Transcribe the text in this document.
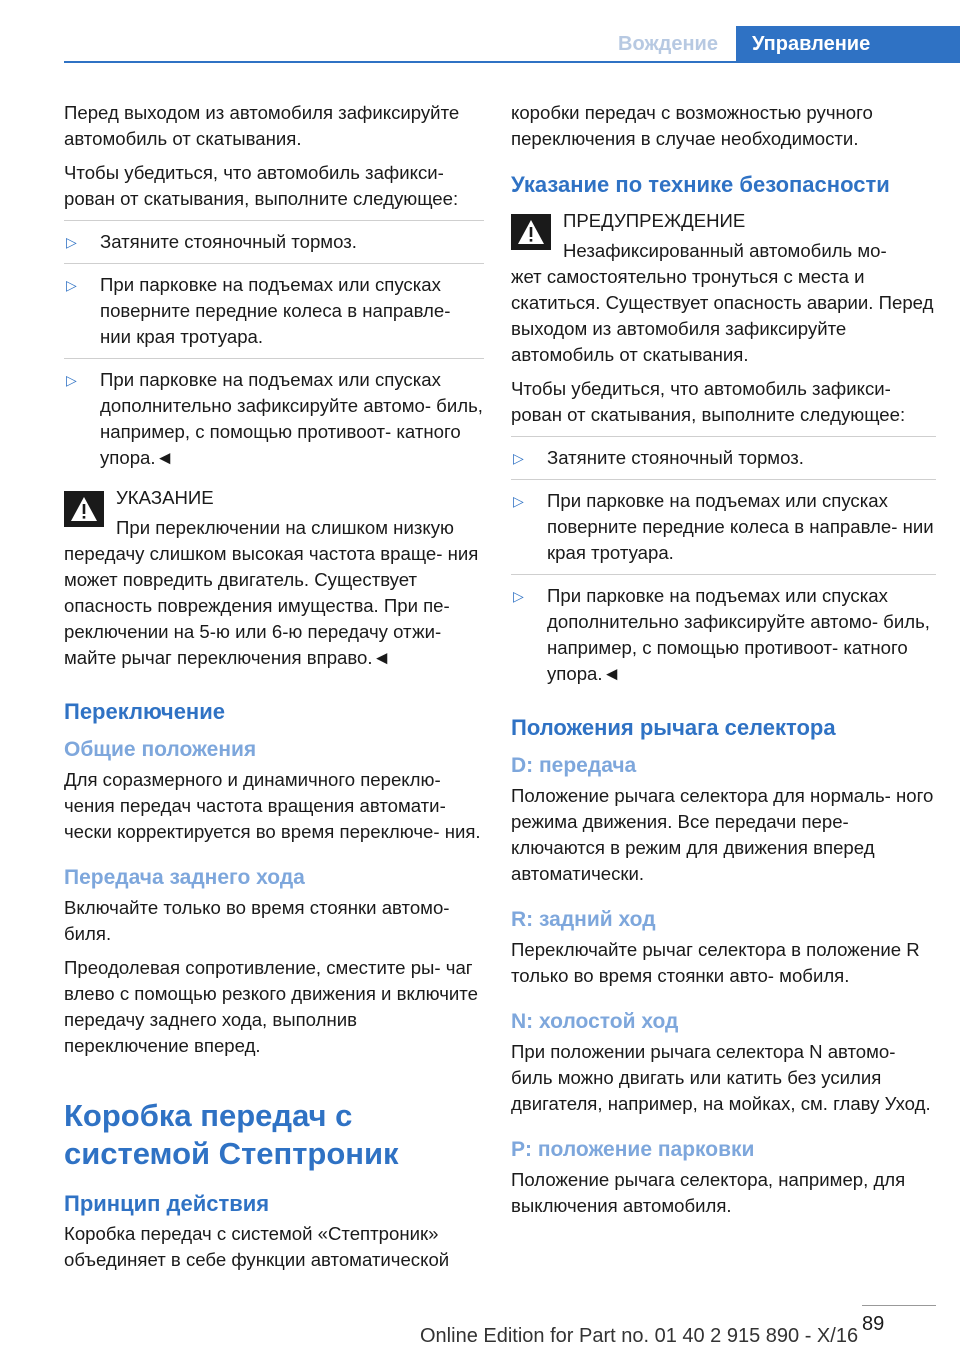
Вождение	Управление

Перед выходом из автомобиля зафиксируйте автомобиль от скатывания.

Чтобы убедиться, что автомобиль зафикси- рован от скатывания, выполните следующее:

▷ Затяните стояночный тормоз.
▷ При парковке на подъемах или спусках поверните передние колеса в направле- нии края тротуара.
▷ При парковке на подъемах или спусках дополнительно зафиксируйте автомо- биль, например, с помощью противоот- катного упора.◄
УКАЗАНИЕ
При переключении на слишком низкую

передачу слишком высокая частота враще- ния может повредить двигатель. Существует опасность повреждения имущества. При пе- реключении на 5-ю или 6-ю передачу отжи- майте рычаг переключения вправо.◄

Переключение
Общие положения

Для соразмерного и динамичного переклю- чения передач частота вращения автомати- чески корректируется во время переключе- ния.

Передача заднего хода

Включайте только во время стоянки автомо- биля.

Преодолевая сопротивление, сместите ры- чаг влево с помощью резкого движения и включите передачу заднего хода, выполнив переключение вперед.

Коробка передач с системой Стептроник
Принцип действия

Коробка передач с системой «Стептроник» объединяет в себе функции автоматической

коробки передач с возможностью ручного переключения в случае необходимости.

Указание по технике безопасности
ПРЕДУПРЕЖДЕНИЕ
Незафиксированный автомобиль мо-

жет самостоятельно тронуться с места и скатиться. Существует опасность аварии. Перед выходом из автомобиля зафиксируйте автомобиль от скатывания.

Чтобы убедиться, что автомобиль зафикси- рован от скатывания, выполните следующее:

▷ Затяните стояночный тормоз.
▷ При парковке на подъемах или спусках поверните передние колеса в направле- нии края тротуара.
▷ При парковке на подъемах или спусках дополнительно зафиксируйте автомо- биль, например, с помощью противоот- катного упора.◄
Положения рычага селектора
D: передача

Положение рычага селектора для нормаль- ного режима движения. Все передачи пере- ключаются в режим для движения вперед автоматически.

R: задний ход

Переключайте рычаг селектора в положение R только во время стоянки авто- мобиля.

N: холостой ход

При положении рычага селектора N автомо- биль можно двигать или катить без усилия двигателя, например, на мойках, см. главу Уход.

P: положение парковки

Положение рычага селектора, например, для выключения автомобиля.

89
Online Edition for Part no. 01 40 2 915 890 - X/16
